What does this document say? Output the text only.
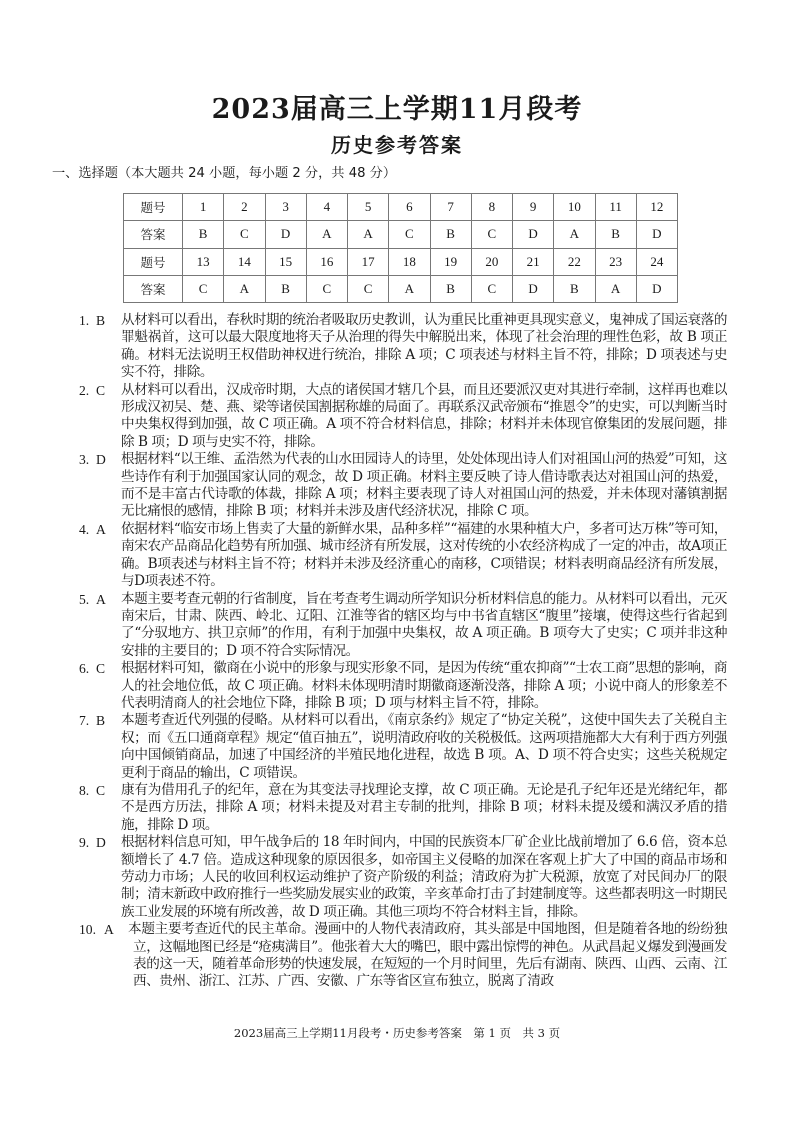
2023届高三上学期11月段考
历史参考答案
一、选择题（本大题共 24 小题，每小题 2 分，共 48 分）
题号	1	2	3	4	5	6	7	8	9	10	11	12
答案	B	C	D	A	A	C	B	C	D	A	B	D
题号	13	14	15	16	17	18	19	20	21	22	23	24
答案	C	A	B	C	C	A	B	C	D	B	A	D
1. B 从材料可以看出，春秋时期的统治者吸取历史教训，认为重民比重神更具现实意义，鬼神成了国运衰落的罪魁祸首，这可以最大限度地将天子从治理的得失中解脱出来，体现了社会治理的理性色彩，故 B 项正确。材料无法说明王权借助神权进行统治，排除 A 项；C 项表述与材料主旨不符，排除；D 项表述与史实不符，排除。
2. C 从材料可以看出，汉成帝时期，大点的诸侯国才辖几个县，而且还要派汉吏对其进行牵制，这样再也难以形成汉初吴、楚、燕、梁等诸侯国割据称雄的局面了。再联系汉武帝颁布“推恩令”的史实，可以判断当时中央集权得到加强，故 C 项正确。A 项不符合材料信息，排除；材料并未体现官僚集团的发展问题，排除 B 项；D 项与史实不符，排除。
3. D 根据材料“以王维、孟浩然为代表的山水田园诗人的诗里，处处体现出诗人们对祖国山河的热爱”可知，这些诗作有利于加强国家认同的观念，故 D 项正确。材料主要反映了诗人借诗歌表达对祖国山河的热爱，而不是丰富古代诗歌的体裁，排除 A 项；材料主要表现了诗人对祖国山河的热爱，并未体现对藩镇割据无比痛恨的感情，排除 B 项；材料并未涉及唐代经济状况，排除 C 项。
4. A 依据材料“临安市场上售卖了大量的新鲜水果，品种多样”“福建的水果种植大户，多者可达万株”等可知，南宋农产品商品化趋势有所加强、城市经济有所发展，这对传统的小农经济构成了一定的冲击，故A项正确。B项表述与材料主旨不符；材料并未涉及经济重心的南移，C项错误；材料表明商品经济有所发展，与D项表述不符。
5. A 本题主要考查元朝的行省制度，旨在考查考生调动所学知识分析材料信息的能力。从材料可以看出，元灭南宋后，甘肃、陕西、岭北、辽阳、江淮等省的辖区均与中书省直辖区“腹里”接壤，使得这些行省起到了“分驭地方、拱卫京师”的作用，有利于加强中央集权，故 A 项正确。B 项夸大了史实；C 项并非这种安排的主要目的；D 项不符合实际情况。
6. C 根据材料可知，徽商在小说中的形象与现实形象不同，是因为传统“重农抑商”“士农工商”思想的影响，商人的社会地位低，故 C 项正确。材料未体现明清时期徽商逐渐没落，排除 A 项；小说中商人的形象差不代表明清商人的社会地位下降，排除 B 项；D 项与材料主旨不符，排除。
7. B 本题考查近代列强的侵略。从材料可以看出，《南京条约》规定了“协定关税”，这使中国失去了关税自主权；而《五口通商章程》规定“值百抽五”，说明清政府收的关税极低。这两项措施都大大有利于西方列强向中国倾销商品，加速了中国经济的半殖民地化进程，故选 B 项。A、D 项不符合史实；这些关税规定更利于商品的输出，C 项错误。
8. C 康有为借用孔子的纪年，意在为其变法寻找理论支撑，故 C 项正确。无论是孔子纪年还是光绪纪年，都不是西方历法，排除 A 项；材料未提及对君主专制的批判，排除 B 项；材料未提及缓和满汉矛盾的措施，排除 D 项。
9. D 根据材料信息可知，甲午战争后的 18 年时间内，中国的民族资本厂矿企业比战前增加了 6.6 倍，资本总额增长了 4.7 倍。造成这种现象的原因很多，如帝国主义侵略的加深在客观上扩大了中国的商品市场和劳动力市场；人民的收回利权运动维护了资产阶级的利益；清政府为扩大税源，放宽了对民间办厂的限制；清末新政中政府推行一些奖励发展实业的政策，辛亥革命打击了封建制度等。这些都表明这一时期民族工业发展的环境有所改善，故 D 项正确。其他三项均不符合材料主旨，排除。
10. A 本题主要考查近代的民主革命。漫画中的人物代表清政府，其头部是中国地图，但是随着各地的纷纷独立，这幅地图已经是“疮痍满目”。他张着大大的嘴巴，眼中露出惊愕的神色。从武昌起义爆发到漫画发表的这一天，随着革命形势的快速发展，在短短的一个月时间里，先后有湖南、陕西、山西、云南、江西、贵州、浙江、江苏、广西、安徽、广东等省区宣布独立，脱离了清政
2023届高三上学期11月段考・历史参考答案　第 1 页　共 3 页
